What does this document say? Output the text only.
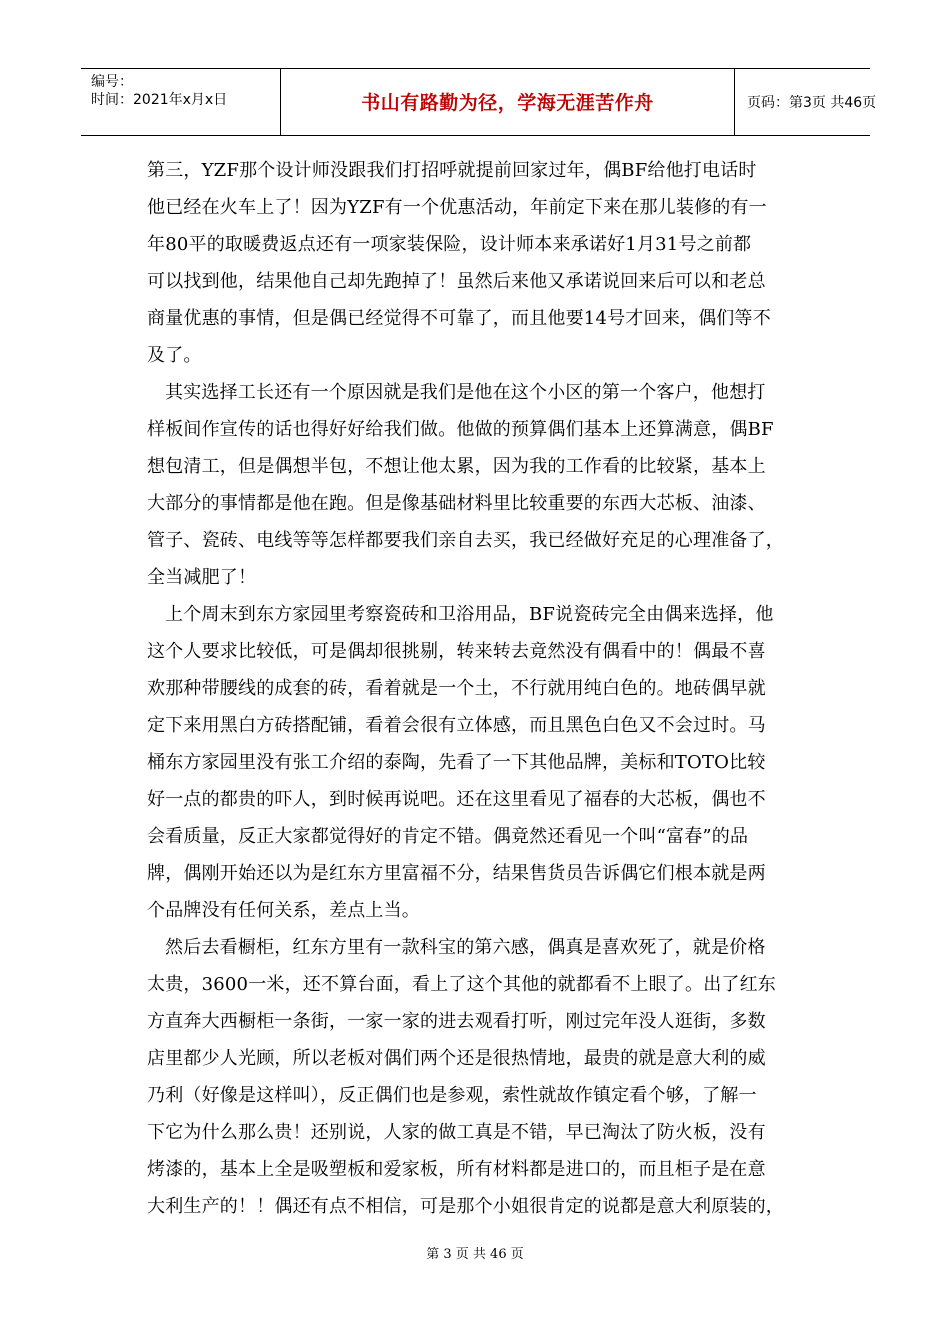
编号：
时间：2021年x月x日	书山有路勤为径，学海无涯苦作舟	页码：第3页 共46页
第三，YZF那个设计师没跟我们打招呼就提前回家过年，偶BF给他打电话时
他已经在火车上了！因为YZF有一个优惠活动，年前定下来在那儿装修的有一
年80平的取暖费返点还有一项家装保险，设计师本来承诺好1月31号之前都
可以找到他，结果他自己却先跑掉了！虽然后来他又承诺说回来后可以和老总
商量优惠的事情，但是偶已经觉得不可靠了，而且他要14号才回来，偶们等不
及了。
其实选择工长还有一个原因就是我们是他在这个小区的第一个客户，他想打
样板间作宣传的话也得好好给我们做。他做的预算偶们基本上还算满意，偶BF
想包清工，但是偶想半包，不想让他太累，因为我的工作看的比较紧，基本上
大部分的事情都是他在跑。但是像基础材料里比较重要的东西大芯板、油漆、
管子、瓷砖、电线等等怎样都要我们亲自去买，我已经做好充足的心理准备了，
全当减肥了！
上个周末到东方家园里考察瓷砖和卫浴用品，BF说瓷砖完全由偶来选择，他
这个人要求比较低，可是偶却很挑剔，转来转去竟然没有偶看中的！偶最不喜
欢那种带腰线的成套的砖，看着就是一个土，不行就用纯白色的。地砖偶早就
定下来用黑白方砖搭配铺，看着会很有立体感，而且黑色白色又不会过时。马
桶东方家园里没有张工介绍的泰陶，先看了一下其他品牌，美标和TOTO比较
好一点的都贵的吓人，到时候再说吧。还在这里看见了福春的大芯板，偶也不
会看质量，反正大家都觉得好的肯定不错。偶竟然还看见一个叫“富春”的品
牌，偶刚开始还以为是红东方里富福不分，结果售货员告诉偶它们根本就是两
个品牌没有任何关系，差点上当。
然后去看橱柜，红东方里有一款科宝的第六感，偶真是喜欢死了，就是价格
太贵，3600一米，还不算台面，看上了这个其他的就都看不上眼了。出了红东
方直奔大西橱柜一条街，一家一家的进去观看打听，刚过完年没人逛街，多数
店里都少人光顾，所以老板对偶们两个还是很热情地，最贵的就是意大利的威
乃利（好像是这样叫），反正偶们也是参观，索性就故作镇定看个够，了解一
下它为什么那么贵！还别说，人家的做工真是不错，早已淘汰了防火板，没有
烤漆的，基本上全是吸塑板和爱家板，所有材料都是进口的，而且柜子是在意
大利生产的！！偶还有点不相信，可是那个小姐很肯定的说都是意大利原装的，
第 3 页 共 46 页
